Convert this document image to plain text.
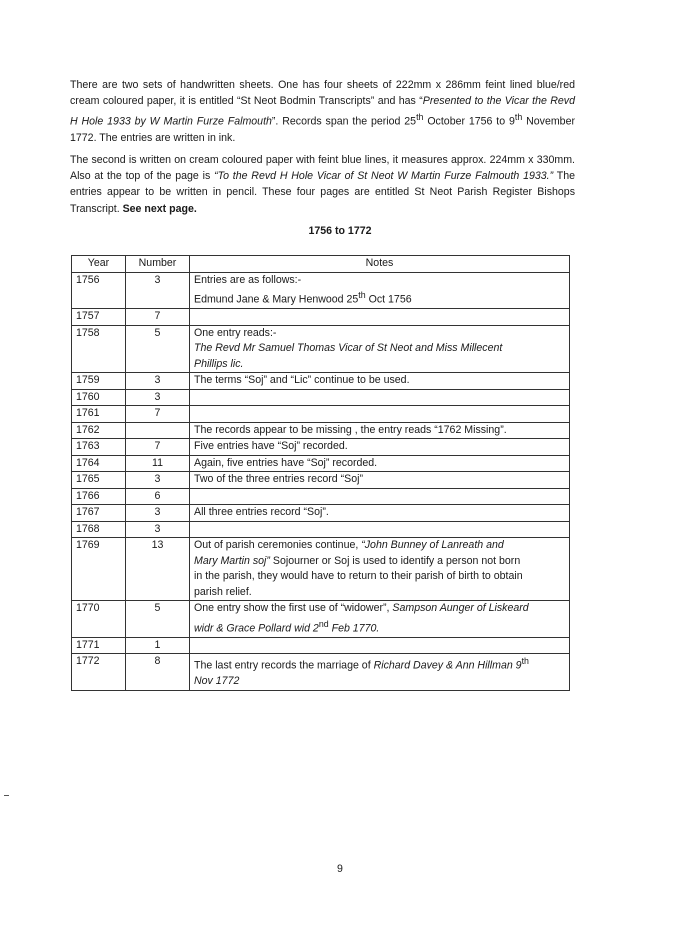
There are two sets of handwritten sheets. One has four sheets of 222mm x 286mm feint lined blue/red cream coloured paper, it is entitled “St Neot Bodmin Transcripts” and has “Presented to the Vicar the Revd H Hole 1933 by W Martin Furze Falmouth”. Records span the period 25th October 1756 to 9th November 1772. The entries are written in ink.

The second is written on cream coloured paper with feint blue lines, it measures approx. 224mm x 330mm. Also at the top of the page is “To the Revd H Hole Vicar of St Neot W Martin Furze Falmouth 1933.” The entries appear to be written in pencil. These four pages are entitled St Neot Parish Register Bishops Transcript. See next page.

1756 to 1772
Year	Number	Notes
1756	3	Entries are as follows:-
Edmund Jane & Mary Henwood 25th Oct 1756

1757	7	
1758	5	One entry reads:-
The Revd Mr Samuel Thomas Vicar of St Neot and Miss Millecent
Phillips lic.

1759	3	The terms “Soj” and “Lic” continue to be used.
1760	3	
1761	7	
1762		The records appear to be missing , the entry reads “1762 Missing”.
1763	7	Five entries have “Soj” recorded.
1764	11	Again, five entries have “Soj” recorded.
1765	3	Two of the three entries record “Soj”
1766	6	
1767	3	All three entries record “Soj”.
1768	3	
1769	13	Out of parish ceremonies continue, “John Bunney of Lanreath and
Mary Martin soj” Sojourner or Soj is used to identify a person not born
in the parish, they would have to return to their parish of birth to obtain
parish relief.

1770	5	One entry show the first use of “widower”, Sampson Aunger of Liskeard
widr & Grace Pollard wid 2nd Feb 1770.

1771	1	
1772	8	The last entry records the marriage of Richard Davey & Ann Hillman 9th
Nov 1772
9
